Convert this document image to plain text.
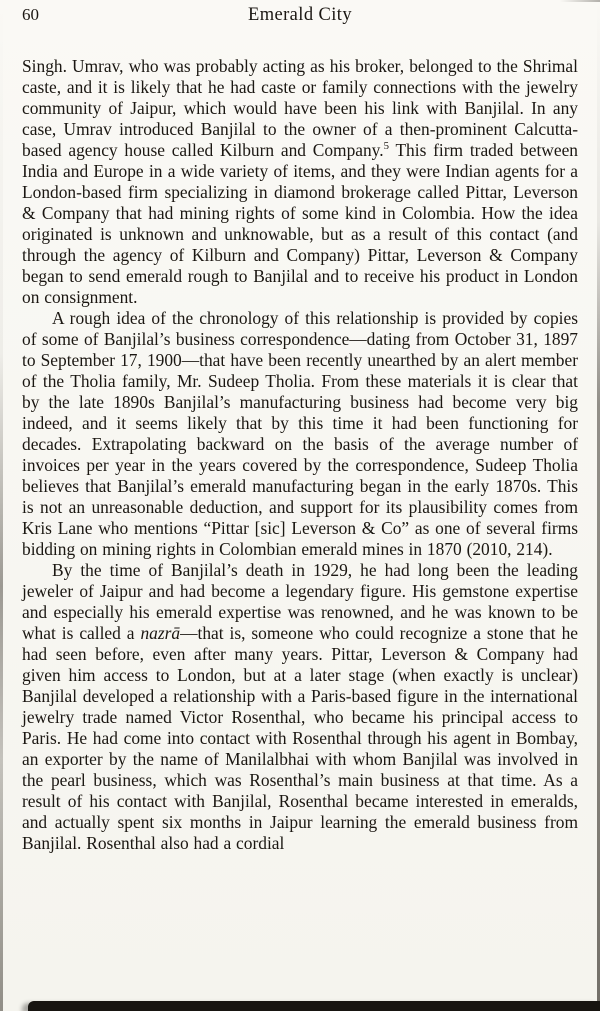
60	Emerald City

Singh. Umrav, who was probably acting as his broker, belonged to the Shrimal caste, and it is likely that he had caste or family connections with the jewelry community of Jaipur, which would have been his link with Banjilal. In any case, Umrav introduced Banjilal to the owner of a then-prominent Calcutta-based agency house called Kilburn and Company.$^5$ This firm traded between India and Europe in a wide variety of items, and they were Indian agents for a London-based firm specializing in diamond brokerage called Pittar, Leverson & Company that had mining rights of some kind in Colombia. How the idea originated is unknown and unknowable, but as a result of this contact (and through the agency of Kilburn and Company) Pittar, Leverson & Company began to send emerald rough to Banjilal and to receive his product in London on consignment.

A rough idea of the chronology of this relationship is provided by copies of some of Banjilal’s business correspondence—dating from October 31, 1897 to September 17, 1900—that have been recently unearthed by an alert member of the Tholia family, Mr. Sudeep Tholia. From these materials it is clear that by the late 1890s Banjilal’s manufacturing business had become very big indeed, and it seems likely that by this time it had been functioning for decades. Extrapolating backward on the basis of the average number of invoices per year in the years covered by the correspondence, Sudeep Tholia believes that Banjilal’s emerald manufacturing began in the early 1870s. This is not an unreasonable deduction, and support for its plausibility comes from Kris Lane who mentions “Pittar [sic] Leverson & Co” as one of several firms bidding on mining rights in Colombian emerald mines in 1870 (2010, 214).

By the time of Banjilal’s death in 1929, he had long been the leading jeweler of Jaipur and had become a legendary figure. His gemstone expertise and especially his emerald expertise was renowned, and he was known to be what is called a nazrā—that is, someone who could recognize a stone that he had seen before, even after many years. Pittar, Leverson & Company had given him access to London, but at a later stage (when exactly is unclear) Banjilal developed a relationship with a Paris-based figure in the international jewelry trade named Victor Rosenthal, who became his principal access to Paris. He had come into contact with Rosenthal through his agent in Bombay, an exporter by the name of Manilalbhai with whom Banjilal was involved in the pearl business, which was Rosenthal’s main business at that time. As a result of his contact with Banjilal, Rosenthal became interested in emeralds, and actually spent six months in Jaipur learning the emerald business from Banjilal. Rosenthal also had a cordial
